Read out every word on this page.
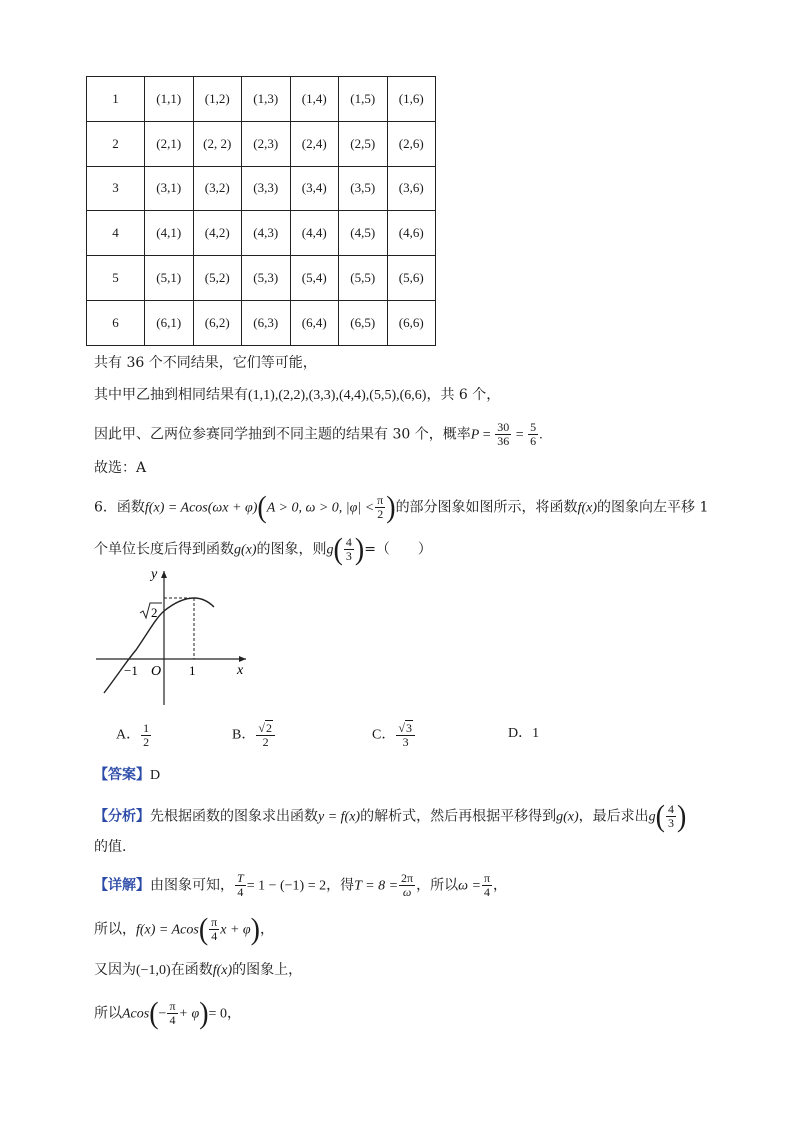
1	(1,1)	(1,2)	(1,3)	(1,4)	(1,5)	(1,6)
2	(2,1)	(2, 2)	(2,3)	(2,4)	(2,5)	(2,6)
3	(3,1)	(3,2)	(3,3)	(3,4)	(3,5)	(3,6)
4	(4,1)	(4,2)	(4,3)	(4,4)	(4,5)	(4,6)
5	(5,1)	(5,2)	(5,3)	(5,4)	(5,5)	(5,6)
6	(6,1)	(6,2)	(6,3)	(6,4)	(6,5)	(6,6)
共有 36 个不同结果，它们等可能，
其中甲乙抽到相同结果有(1,1),(2,2),(3,3),(4,4),(5,5),(6,6)，共 6 个，
因此甲、乙两位参赛同学抽到不同主题的结果有 30 个，概率$P = \frac{30}{36} = \frac{5}{6}$ .
故选：A
6．函数f(x) = Acos(ωx + φ)(A > 0, ω > 0, $|\varphi| < \frac{\pi}{2}$ )的部分图象如图所示，将函数f(x)的图象向左平移 1
个单位长度后得到函数g(x)的图象，则$g( \frac{4}{3}$ )=（　　）
y
x
O
−1	1
2
A． $\frac{1}{2}$	B． $\frac{√2}{2}$	C． $\frac{√3}{3}$	D．1
【答案】D
【分析】先根据函数的图象求出函数y = f(x)的解析式，然后再根据平移得到g(x)，最后求出$g( \frac{4}{3}$ )
的值.
【详解】由图象可知， $\frac{T}{4} = 1 - (-1) = 2$，得$T = 8 = \frac{2\pi}{\omega}$ ，所以$\omega = \frac{\pi}{4}$ ，
所以，$f(x) = Acos( \frac{\pi}{4}$ x + φ)，
又因为(−1,0)在函数f(x)的图象上，
所以$Acos(- \frac{\pi}{4} + \varphi)= 0$，
